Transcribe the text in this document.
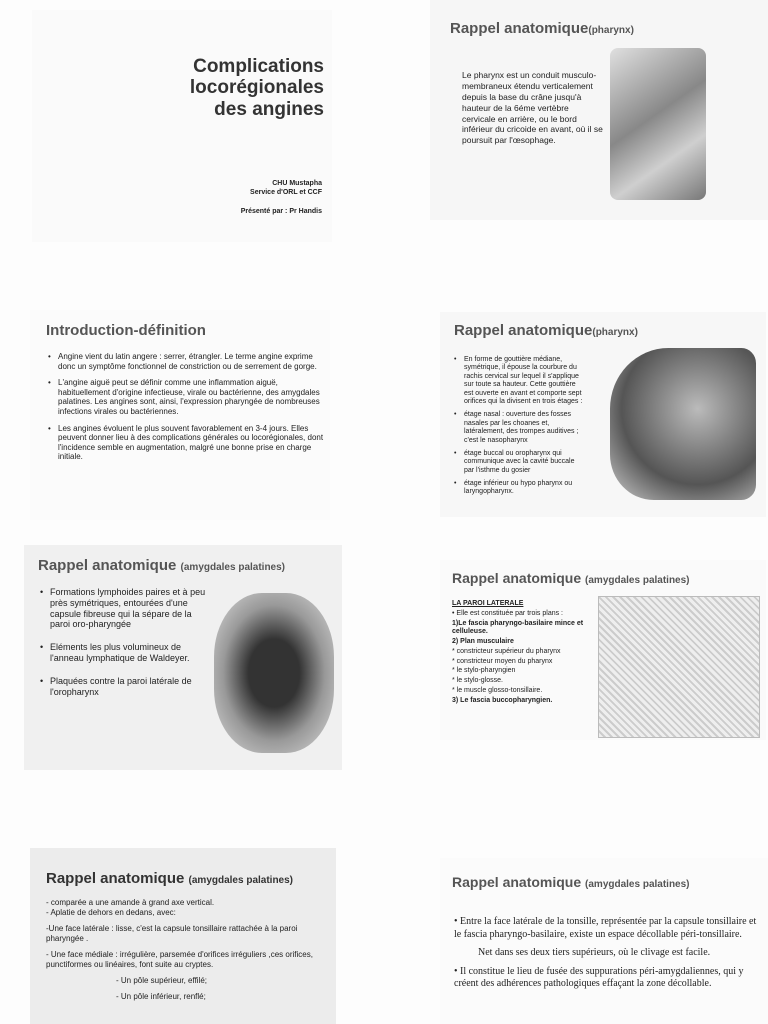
Complications
locorégionales
des angines
CHU Mustapha
Service d'ORL et CCF
Présenté par : Pr Handis
Rappel anatomique(pharynx)
Le pharynx est un conduit musculo-membraneux étendu verticalement depuis la base du crâne jusqu'à hauteur de la 6éme vertèbre cervicale en arrière, ou le bord inférieur du cricoide en avant, où il se poursuit par l'œsophage.
Introduction-définition
• Angine vient du latin angere : serrer, étrangler. Le terme angine exprime donc un symptôme fonctionnel de constriction ou de serrement de gorge.
• L'angine aiguë peut se définir comme une inflammation aiguë, habituellement d'origine infectieuse, virale ou bactérienne, des amygdales palatines. Les angines sont, ainsi, l'expression pharyngée de nombreuses infections virales ou bactériennes.
• Les angines évoluent le plus souvent favorablement en 3-4 jours. Elles peuvent donner lieu à des complications générales ou locorégionales, dont l'incidence semble en augmentation, malgré une bonne prise en charge initiale.
Rappel anatomique(pharynx)
• En forme de gouttière médiane, symétrique, il épouse la courbure du rachis cervical sur lequel il s'applique sur toute sa hauteur. Cette gouttière est ouverte en avant et comporte sept orifices qui la divisent en trois étages :
• étage nasal : ouverture des fosses nasales par les choanes et, latéralement, des trompes auditives ; c'est le nasopharynx
• étage buccal ou oropharynx qui communique avec la cavité buccale par l'isthme du gosier
• étage inférieur ou hypo pharynx ou laryngopharynx.
Rappel anatomique (amygdales palatines)
• Formations lymphoides paires et à peu près symétriques, entourées d'une capsule fibreuse qui la sépare de la paroi oro-pharyngée
• Eléments les plus volumineux de l'anneau lymphatique de Waldeyer.
• Plaquées contre la paroi latérale de l'oropharynx
Rappel anatomique (amygdales palatines)
LA PAROI LATERALE
• Elle est constituée par trois plans :
1)Le fascia pharyngo-basilaire mince et celluleuse.
2) Plan musculaire
* constricteur supérieur du pharynx
* constricteur moyen du pharynx
* le stylo-pharyngien
* le stylo-glosse.
* le muscle glosso-tonsillaire.
3) Le fascia buccopharyngien.
Rappel anatomique (amygdales palatines)
- comparée a une amande à grand axe vertical.
- Aplatie de dehors en dedans, avec:
-Une face latérale : lisse, c'est la capsule tonsillaire rattachée à la paroi pharyngée .
- Une face médiale : irrégulière, parsemée d'orifices irréguliers ,ces orifices, punctiformes ou linéaires, font suite au cryptes.
- Un pôle supérieur, effilé;
- Un pôle inférieur, renflé;
Rappel anatomique (amygdales palatines)
• Entre la face latérale de la tonsille, représentée par la capsule tonsillaire et le fascia pharyngo-basilaire, existe un espace décollable péri-tonsillaire.
Net dans ses deux tiers supérieurs, où le clivage est facile.
• Il constitue le lieu de fusée des suppurations péri-amygdaliennes, qui y créent des adhérences pathologiques effaçant la zone décollable.
